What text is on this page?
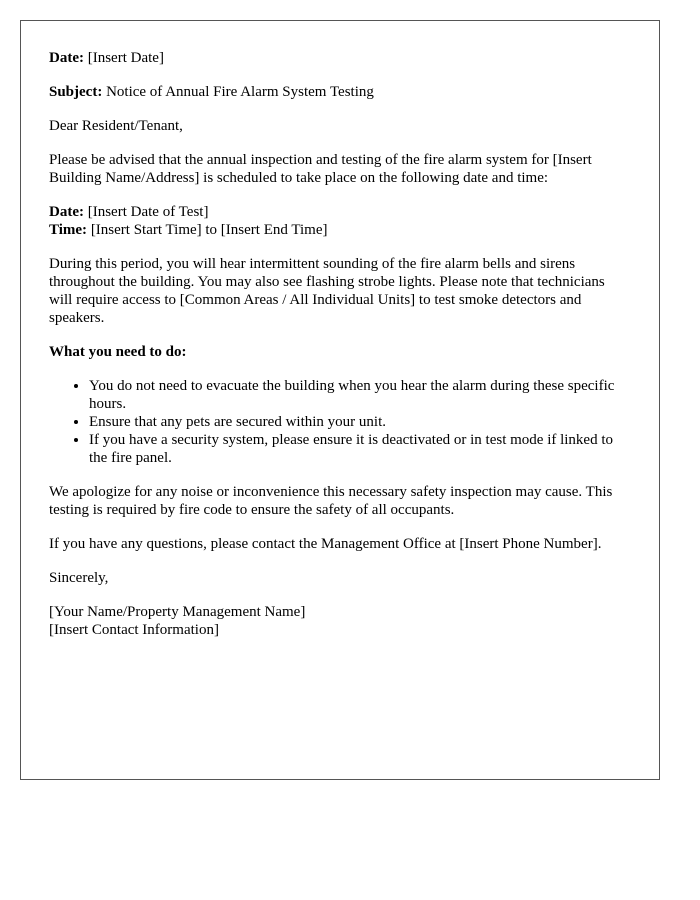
Date: [Insert Date]

Subject: Notice of Annual Fire Alarm System Testing

Dear Resident/Tenant,

Please be advised that the annual inspection and testing of the fire alarm system for [Insert Building Name/Address] is scheduled to take place on the following date and time:

Date: [Insert Date of Test]
Time: [Insert Start Time] to [Insert End Time]

During this period, you will hear intermittent sounding of the fire alarm bells and sirens throughout the building. You may also see flashing strobe lights. Please note that technicians will require access to [Common Areas / All Individual Units] to test smoke detectors and speakers.

What you need to do:

• You do not need to evacuate the building when you hear the alarm during these specific hours.
• Ensure that any pets are secured within your unit.
• If you have a security system, please ensure it is deactivated or in test mode if linked to the fire panel.

We apologize for any noise or inconvenience this necessary safety inspection may cause. This testing is required by fire code to ensure the safety of all occupants.

If you have any questions, please contact the Management Office at [Insert Phone Number].

Sincerely,

[Your Name/Property Management Name]
[Insert Contact Information]
